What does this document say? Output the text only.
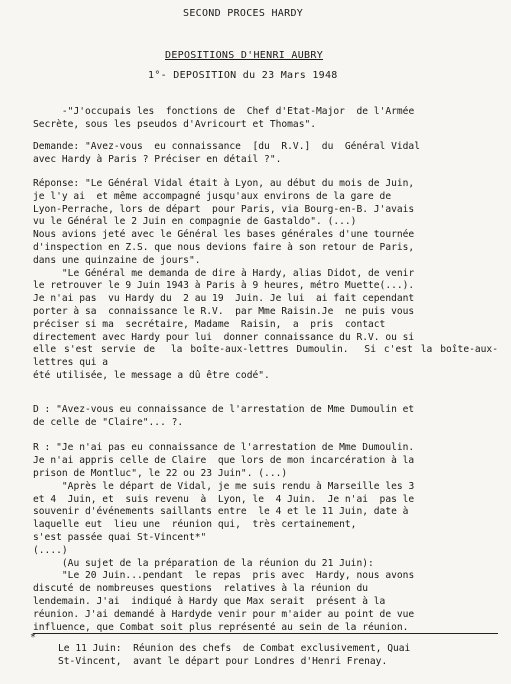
SECOND PROCES HARDY
DEPOSITIONS D'HENRI AUBRY
1°- DEPOSITION du 23 Mars 1948
-"J'occupais les  fonctions de  Chef d'Etat-Major  de l'Armée
Secrète, sous les pseudos d'Avricourt et Thomas".
Demande: "Avez-vous  eu connaissance  [du  R.V.]  du  Général Vidal
avec Hardy à Paris ? Préciser en détail ?".
Réponse: "Le Général Vidal était à Lyon, au début du mois de Juin,
je l'y ai  et même accompagné jusqu'aux environs de la gare de
Lyon-Perrache, lors de départ  pour Paris, via Bourg-en-B. J'avais
vu le Général le 2 Juin en compagnie de Gastaldo". (...)
Nous avions jeté avec le Général les bases générales d'une tournée
d'inspection en Z.S. que nous devions faire à son retour de Paris,
dans une quinzaine de jours".
"Le Général me demanda de dire à Hardy, alias Didot, de venir
le retrouver le 9 Juin 1943 à Paris à 9 heures, métro Muette(...).
Je n'ai pas  vu Hardy du  2 au 19  Juin. Je lui  ai fait cependant
porter à sa  connaissance le R.V.  par Mme Raisin.Je  ne puis vous
préciser si ma  secrétaire, Madame  Raisin,  a  pris  contact
directement avec Hardy pour lui  donner connaissance du R.V. ou si
elle s'est servie de  la boîte-aux-lettres Dumoulin.  Si c'est la boîte-aux-lettres qui a
été utilisée, le message a dû être codé".
D : "Avez-vous eu connaissance de l'arrestation de Mme Dumoulin et
de celle de "Claire"... ?.

R : "Je n'ai pas eu connaissance de l'arrestation de Mme Dumoulin.
Je n'ai appris celle de Claire  que lors de mon incarcération à la
prison de Montluc", le 22 ou 23 Juin". (...)
"Après le départ de Vidal, je me suis rendu à Marseille les 3
et 4  Juin, et  suis revenu  à  Lyon, le  4 Juin.  Je n'ai  pas le
souvenir d'événements saillants entre  le 4 et le 11 Juin, date à
laquelle eut  lieu une  réunion qui,  très certainement,
s'est passée quai St-Vincent*"
(....)
(Au sujet de la préparation de la réunion du 21 Juin):
"Le 20 Juin...pendant  le repas  pris avec  Hardy, nous avons
discuté de nombreuses questions  relatives à la réunion du
lendemain. J'ai  indiqué à Hardy que Max serait  présent à la
réunion. J'ai demandé à Hardyde venir pour m'aider au point de vue
influence, que Combat soit plus représenté au sein de la réunion.
*
Le 11 Juin:  Réunion des chefs  de Combat exclusivement, Quai
St-Vincent,  avant le départ pour Londres d'Henri Frenay.
